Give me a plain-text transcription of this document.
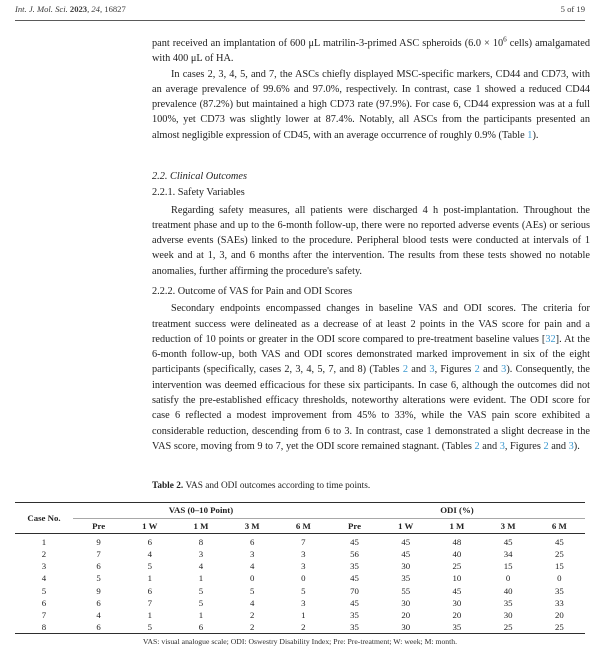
Int. J. Mol. Sci. 2023, 24, 16827	5 of 19

pant received an implantation of 600 μL matrilin-3-primed ASC spheroids ($6.0 \times 10^6$ cells) amalgamated with 400 μL of HA.

In cases 2, 3, 4, 5, and 7, the ASCs chiefly displayed MSC-specific markers, CD44 and CD73, with an average prevalence of 99.6% and 97.0%, respectively. In contrast, case 1 showed a reduced CD44 prevalence (87.2%) but maintained a high CD73 rate (97.9%). For case 6, CD44 expression was at a full 100%, yet CD73 was slightly lower at 87.4%. Notably, all ASCs from the participants presented an almost negligible expression of CD45, with an average occurrence of roughly 0.9% (Table 1).

2.2. Clinical Outcomes

2.2.1. Safety Variables

Regarding safety measures, all patients were discharged 4 h post-implantation. Throughout the treatment phase and up to the 6-month follow-up, there were no reported adverse events (AEs) or serious adverse events (SAEs) linked to the procedure. Peripheral blood tests were conducted at intervals of 1 week and at 1, 3, and 6 months after the intervention. The results from these tests showed no notable anomalies, further affirming the procedure's safety.

2.2.2. Outcome of VAS for Pain and ODI Scores

Secondary endpoints encompassed changes in baseline VAS and ODI scores. The criteria for treatment success were delineated as a decrease of at least 2 points in the VAS score for pain and a reduction of 10 points or greater in the ODI score compared to pre-treatment baseline values [32]. At the 6-month follow-up, both VAS and ODI scores demonstrated marked improvement in six of the eight participants (specifically, cases 2, 3, 4, 5, 7, and 8) (Tables 2 and 3, Figures 2 and 3). Consequently, the intervention was deemed efficacious for these six participants. In case 6, although the outcomes did not satisfy the pre-established efficacy thresholds, noteworthy alterations were evident. The ODI score for case 6 reflected a modest improvement from 45% to 33%, while the VAS pain score exhibited a considerable reduction, descending from 6 to 3. In contrast, case 1 demonstrated a slight decrease in the VAS score, moving from 9 to 7, yet the ODI score remained stagnant. (Tables 2 and 3, Figures 2 and 3).

Table 2. VAS and ODI outcomes according to time points.
Case No.	VAS (0–10 Point)					ODI (%)				
	Pre	1 W	1 M	3 M	6 M	Pre	1 W	1 M	3 M	6 M
1	9	6	8	6	7	45	45	48	45	45
2	7	4	3	3	3	56	45	40	34	25
3	6	5	4	4	3	35	30	25	15	15
4	5	1	1	0	0	45	35	10	0	0
5	9	6	5	5	5	70	55	45	40	35
6	6	7	5	4	3	45	30	30	35	33
7	4	1	1	2	1	35	20	20	30	20
8	6	5	6	2	2	35	30	35	25	25
VAS: visual analogue scale; ODI: Oswestry Disability Index; Pre: Pre-treatment; W: week; M: month.
